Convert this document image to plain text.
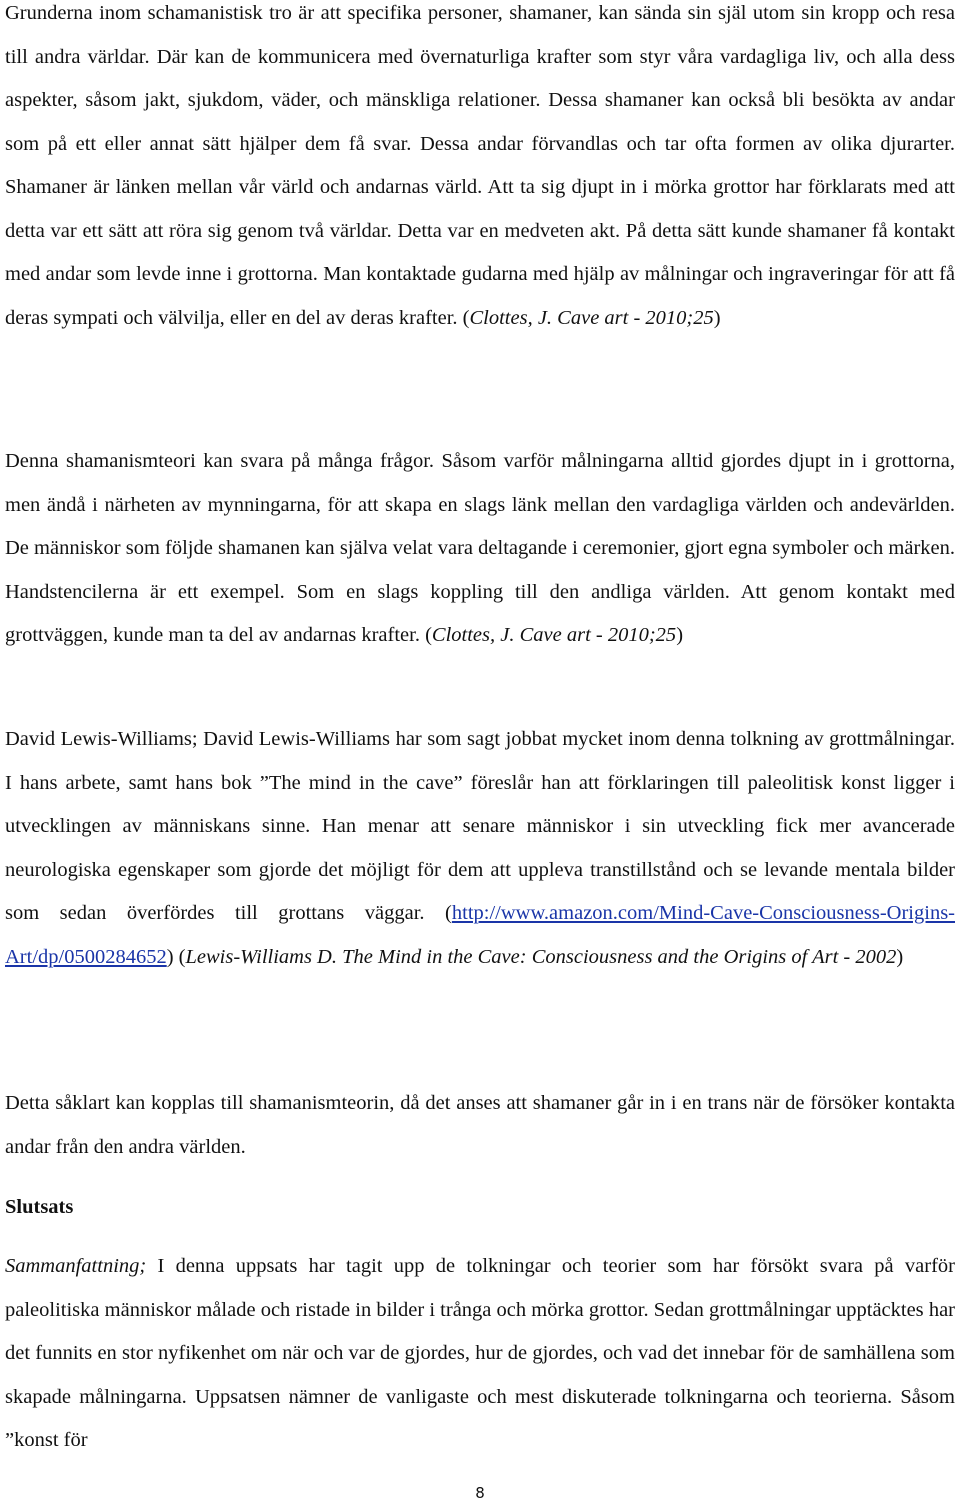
Grunderna inom schamanistisk tro är att specifika personer, shamaner, kan sända sin själ utom sin kropp och resa till andra världar. Där kan de kommunicera med övernaturliga krafter som styr våra vardagliga liv, och alla dess aspekter, såsom jakt, sjukdom, väder, och mänskliga relationer. Dessa shamaner kan också bli besökta av andar som på ett eller annat sätt hjälper dem få svar. Dessa andar förvandlas och tar ofta formen av olika djurarter. Shamaner är länken mellan vår värld och andarnas värld. Att ta sig djupt in i mörka grottor har förklarats med att detta var ett sätt att röra sig genom två världar. Detta var en medveten akt. På detta sätt kunde shamaner få kontakt med andar som levde inne i grottorna. Man kontaktade gudarna med hjälp av målningar och ingraveringar för att få deras sympati och välvilja, eller en del av deras krafter. (Clottes, J. Cave art - 2010;25)

Denna shamanismteori kan svara på många frågor. Såsom varför målningarna alltid gjordes djupt in i grottorna, men ändå i närheten av mynningarna, för att skapa en slags länk mellan den vardagliga världen och andevärlden. De människor som följde shamanen kan själva velat vara deltagande i ceremonier, gjort egna symboler och märken. Handstencilerna är ett exempel. Som en slags koppling till den andliga världen. Att genom kontakt med grottväggen, kunde man ta del av andarnas krafter. (Clottes, J. Cave art - 2010;25)

David Lewis-Williams; David Lewis-Williams har som sagt jobbat mycket inom denna tolkning av grottmålningar. I hans arbete, samt hans bok ”The mind in the cave” föreslår han att förklaringen till paleolitisk konst ligger i utvecklingen av människans sinne. Han menar att senare människor i sin utveckling fick mer avancerade neurologiska egenskaper som gjorde det möjligt för dem att uppleva transtillstånd och se levande mentala bilder som sedan överfördes till grottans väggar. (http://www.amazon.com/Mind-Cave-Consciousness-Origins-Art/dp/0500284652) (Lewis-Williams D. The Mind in the Cave: Consciousness and the Origins of Art - 2002)

Detta såklart kan kopplas till shamanismteorin, då det anses att shamaner går in i en trans när de försöker kontakta andar från den andra världen.

Slutsats

Sammanfattning; I denna uppsats har tagit upp de tolkningar och teorier som har försökt svara på varför paleolitiska människor målade och ristade in bilder i trånga och mörka grottor. Sedan grottmålningar upptäcktes har det funnits en stor nyfikenhet om när och var de gjordes, hur de gjordes, och vad det innebar för de samhällena som skapade målningarna. Uppsatsen nämner de vanligaste och mest diskuterade tolkningarna och teorierna. Såsom ”konst för

8
